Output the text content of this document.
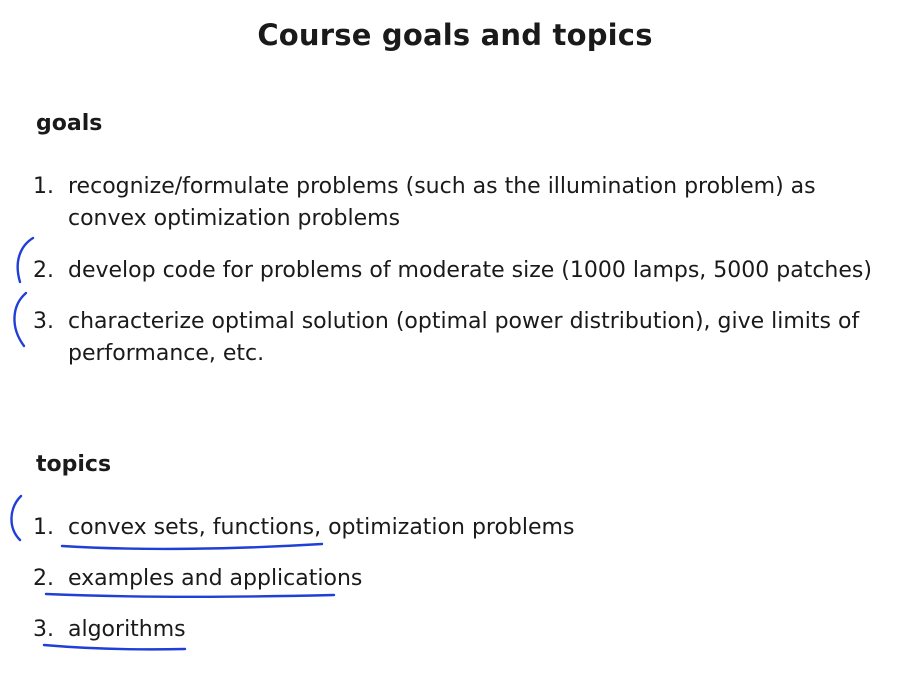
Course goals and topics
goals
1. recognize/formulate problems (such as the illumination problem) as
convex optimization problems
2. develop code for problems of moderate size (1000 lamps, 5000 patches)
3. characterize optimal solution (optimal power distribution), give limits of
performance, etc.
topics
1. convex sets, functions, optimization problems
2. examples and applications
3. algorithms
